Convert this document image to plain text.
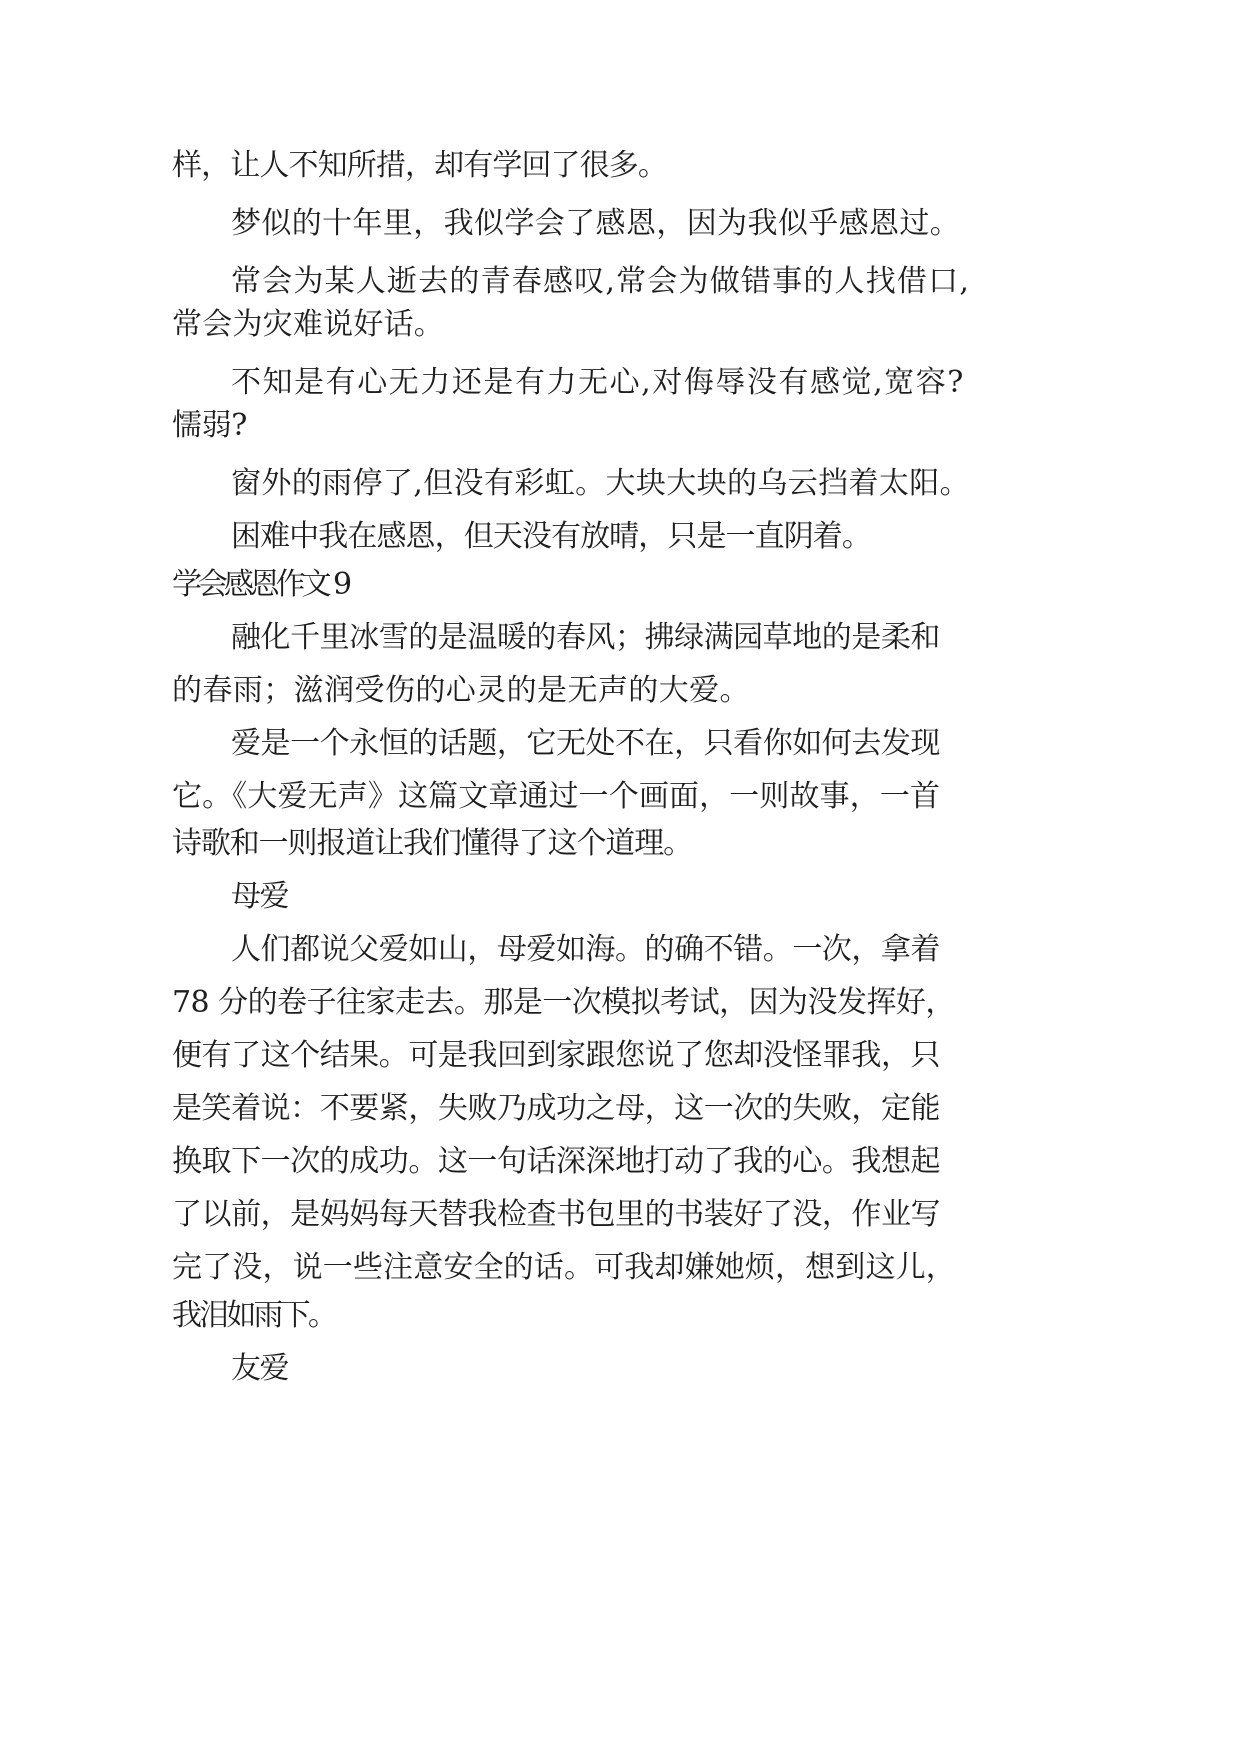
样，让人不知所措，却有学回了很多。

梦似的十年里，我似学会了感恩，因为我似乎感恩过。

常会为某人逝去的青春感叹,常会为做错事的人找借口,

常会为灾难说好话。

不知是有心无力还是有力无心,对侮辱没有感觉,宽容?

懦弱?

窗外的雨停了,但没有彩虹。大块大块的乌云挡着太阳。

困难中我在感恩，但天没有放晴，只是一直阴着。

学会感恩作文 9

融化千里冰雪的是温暖的春风；拂绿满园草地的是柔和

的春雨；滋润受伤的心灵的是无声的大爱。

爱是一个永恒的话题，它无处不在，只看你如何去发现

它。《大爱无声》这篇文章通过一个画面，一则故事，一首

诗歌和一则报道让我们懂得了这个道理。

母爱

人们都说父爱如山，母爱如海。的确不错。一次，拿着

78 分的卷子往家走去。那是一次模拟考试，因为没发挥好，

便有了这个结果。可是我回到家跟您说了您却没怪罪我，只

是笑着说：不要紧，失败乃成功之母，这一次的失败，定能

换取下一次的成功。这一句话深深地打动了我的心。我想起

了以前，是妈妈每天替我检查书包里的书装好了没，作业写

完了没，说一些注意安全的话。可我却嫌她烦，想到这儿，

我泪如雨下。

友爱
